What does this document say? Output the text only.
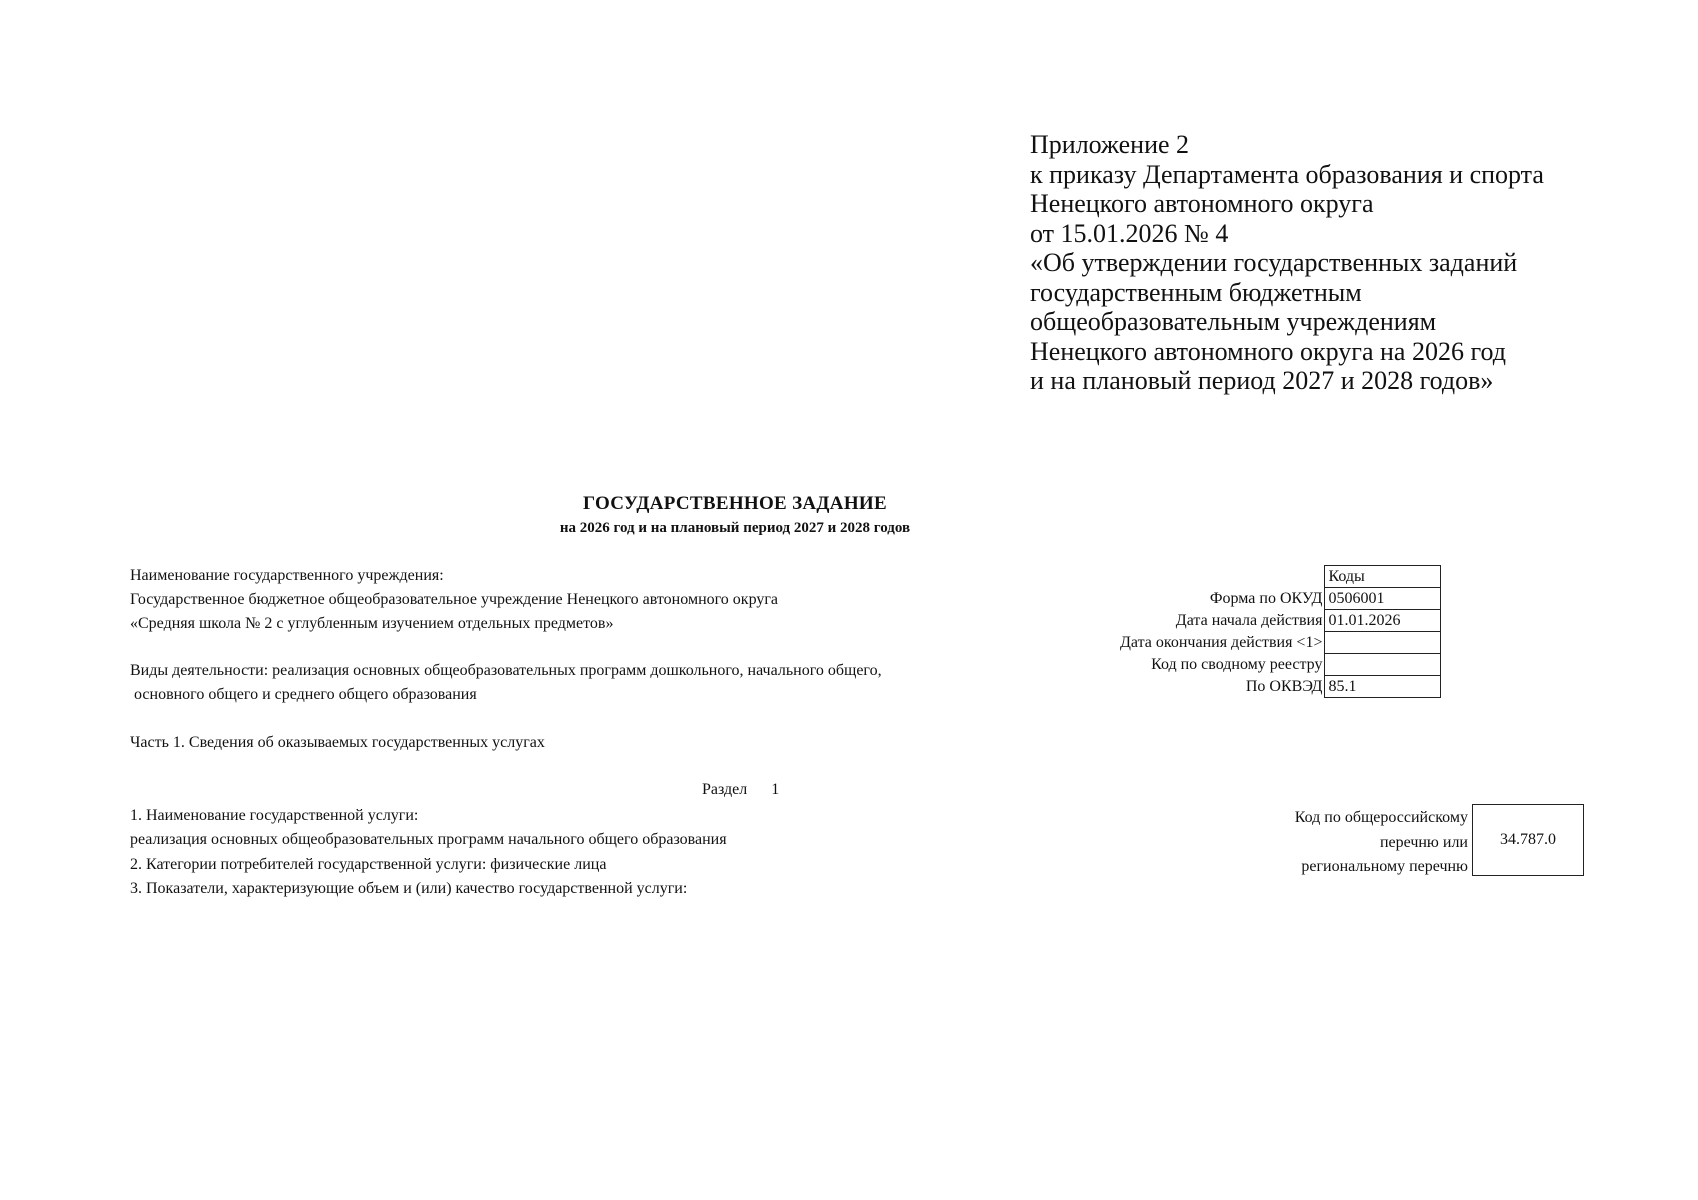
Приложение 2
к приказу Департамента образования и спорта
Ненецкого автономного округа
от 15.01.2026 № 4
«Об утверждении государственных заданий
государственным бюджетным
общеобразовательным учреждениям
Ненецкого автономного округа на 2026 год
и на плановый период 2027 и 2028 годов»
ГОСУДАРСТВЕННОЕ ЗАДАНИЕ
на 2026 год и на плановый период 2027 и 2028 годов
Наименование государственного учреждения:
Государственное бюджетное общеобразовательное учреждение Ненецкого автономного округа
«Средняя школа № 2 с углубленным изучением отдельных предметов»
Виды деятельности: реализация основных общеобразовательных программ дошкольного, начального общего,
основного общего и среднего общего образования
	Коды
Форма по ОКУД	0506001
Дата начала действия	01.01.2026
Дата окончания действия <1>	
Код по сводному реестру	
По ОКВЭД	85.1
Часть 1. Сведения об оказываемых государственных услугах
Раздел 1
1. Наименование государственной услуги:
реализация основных общеобразовательных программ начального общего образования
2. Категории потребителей государственной услуги: физические лица
3. Показатели, характеризующие объем и (или) качество государственной услуги:
Код по общероссийскому
перечню или
региональному перечню
34.787.0
